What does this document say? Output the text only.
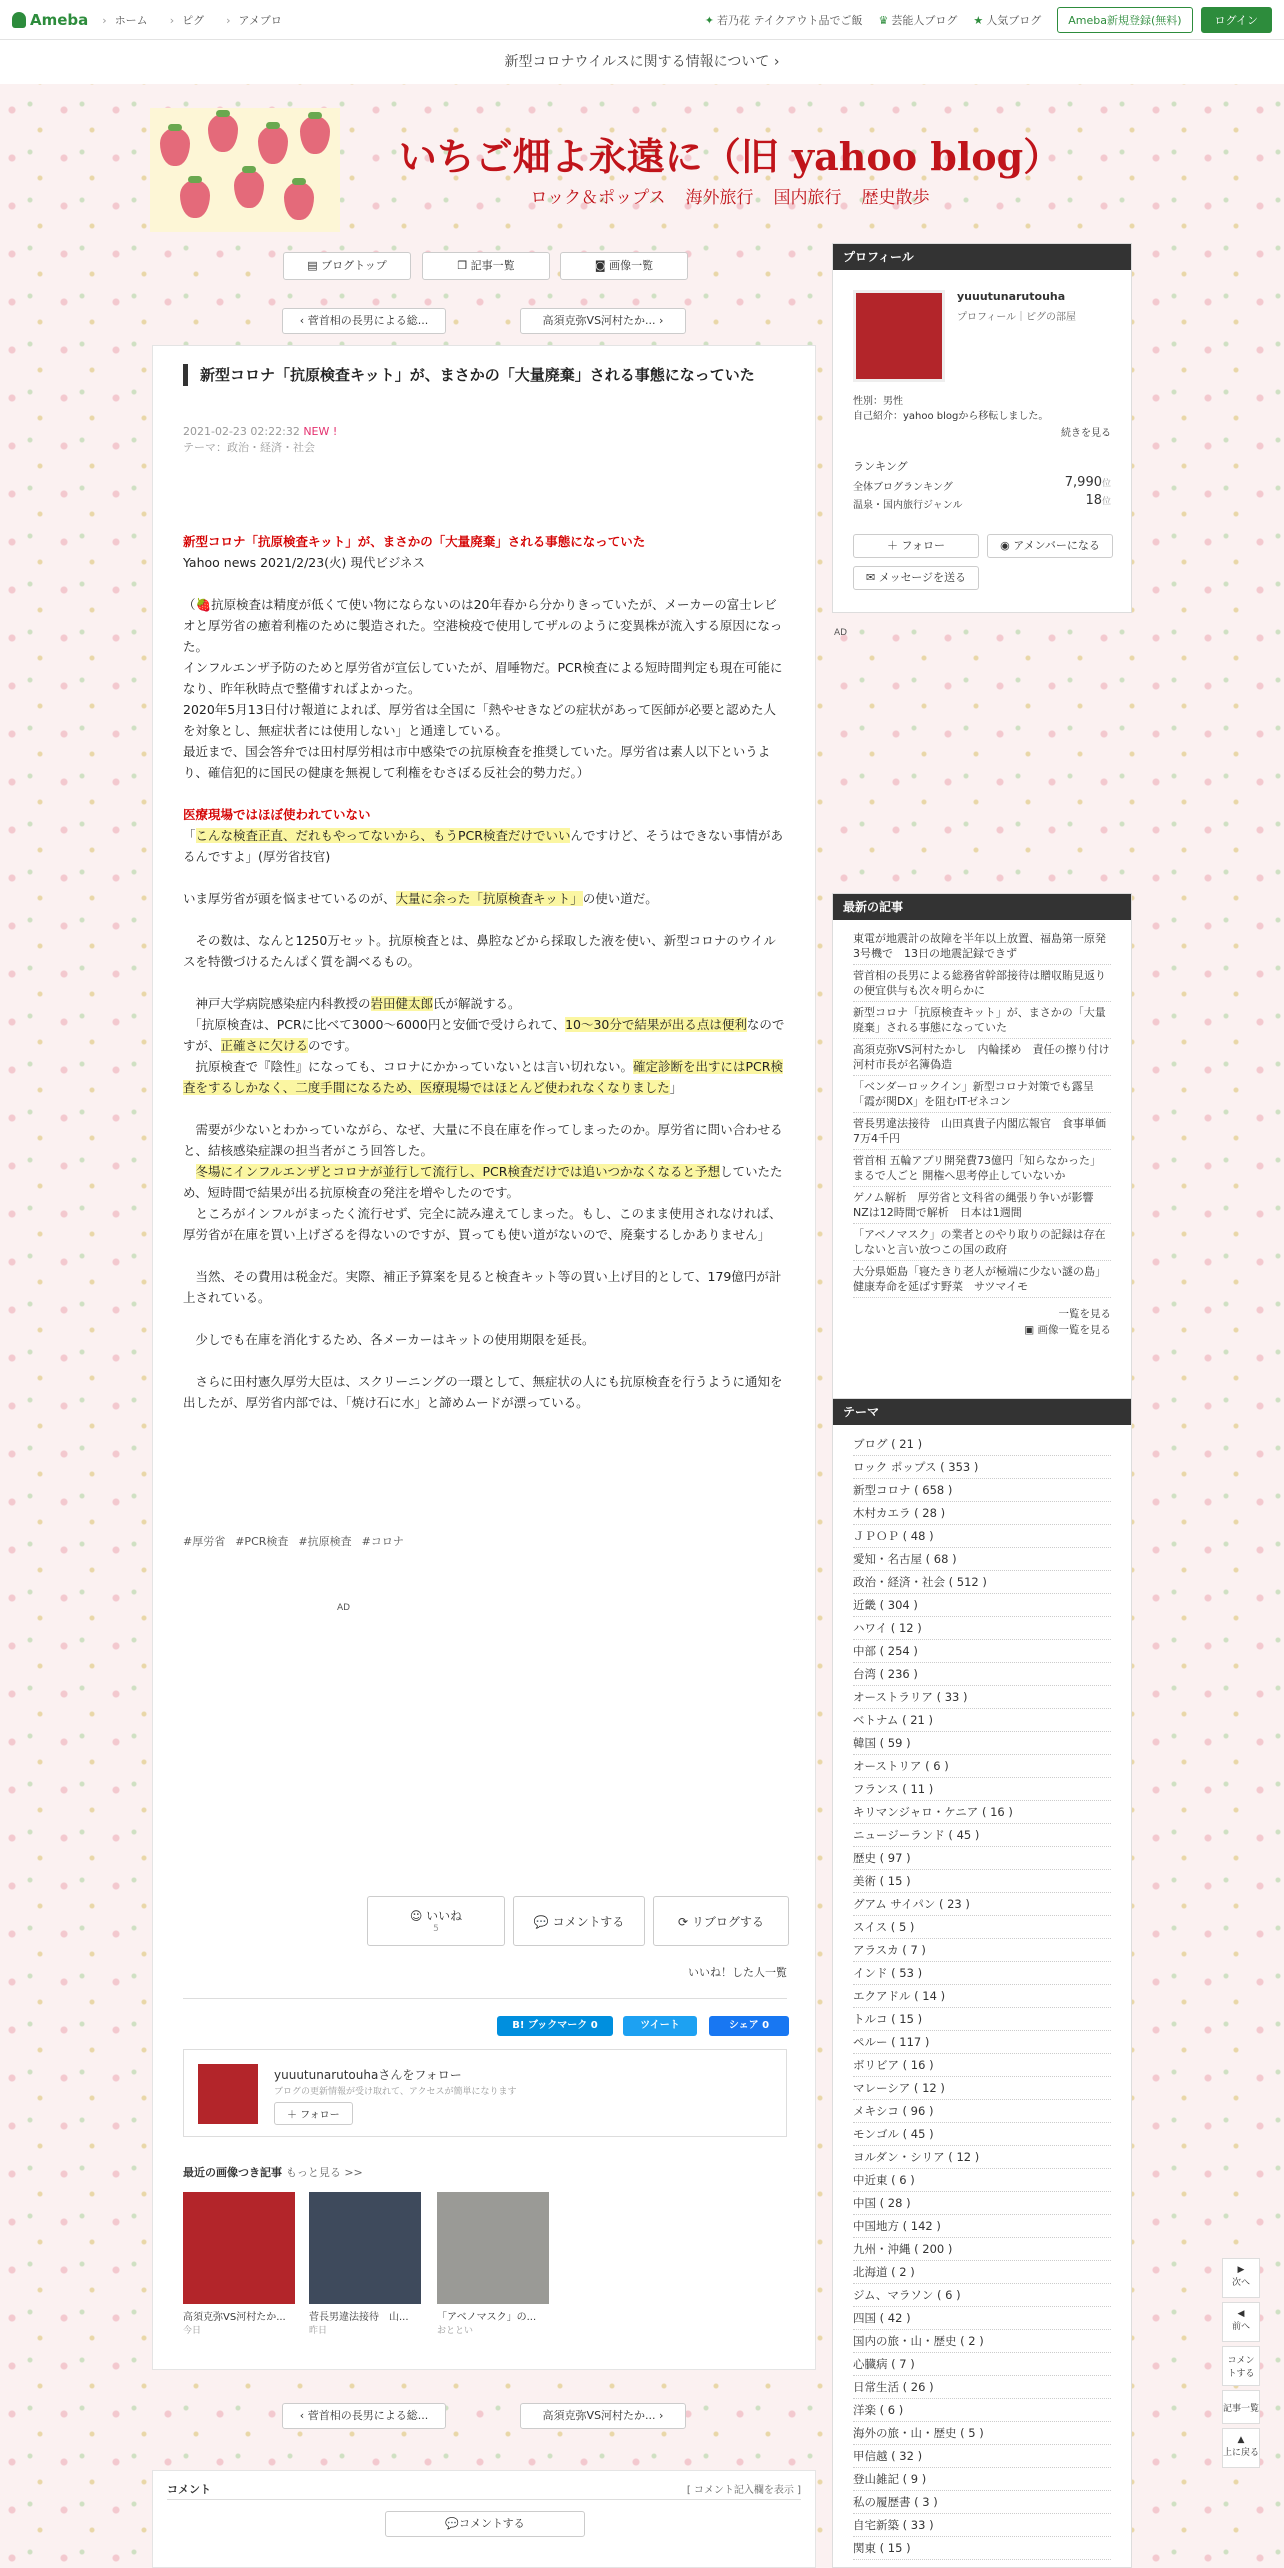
Ameba	› ホーム	› ピグ	› アメブロ	✦ 若乃花 テイクアウト品でご飯 ♛ 芸能人ブログ ★ 人気ブログ	Ameba新規登録(無料)	ログイン
新型コロナウイルスに関する情報について ›
いちご畑よ永遠に（旧 yahoo blog）
ロック＆ポップス 海外旅行 国内旅行 歴史散歩
▤ ブログトップ	❐ 記事一覧	◙ 画像一覧
‹ 菅首相の長男による総...	高須克弥VS河村たか... ›
新型コロナ「抗原検査キット」が、まさかの「大量廃棄」される事態になっていた
2021-02-23 02:22:32 NEW !
テーマ：政治・経済・社会

新型コロナ「抗原検査キット」が、まさかの「大量廃棄」される事態になっていた

Yahoo news 2021/2/23(火) 現代ビジネス

（🍓抗原検査は精度が低くて使い物にならないのは20年春から分かりきっていたが、メーカーの富士レビオと厚労省の癒着利権のために製造された。空港検疫で使用してザルのように変異株が流入する原因になった。

インフルエンザ予防のためと厚労省が宣伝していたが、眉唾物だ。PCR検査による短時間判定も現在可能になり、昨年秋時点で整備すればよかった。

2020年5月13日付け報道によれば、厚労省は全国に「熱やせきなどの症状があって医師が必要と認めた人を対象とし、無症状者には使用しない」と通達している。

最近まで、国会答弁では田村厚労相は市中感染での抗原検査を推奨していた。厚労省は素人以下というより、確信犯的に国民の健康を無視して利権をむさぼる反社会的勢力だ。）

医療現場ではほぼ使われていない

「こんな検査正直、だれもやってないから、もうPCR検査だけでいいんですけど、そうはできない事情があるんですよ」(厚労省技官)

いま厚労省が頭を悩ませているのが、大量に余った「抗原検査キット」の使い道だ。

　その数は、なんと1250万セット。抗原検査とは、鼻腔などから採取した液を使い、新型コロナのウイルスを特徴づけるたんぱく質を調べるもの。

　神戸大学病院感染症内科教授の岩田健太郎氏が解説する。

　「抗原検査は、PCRに比べて3000～6000円と安価で受けられて、10～30分で結果が出る点は便利なのですが、正確さに欠けるのです。

　抗原検査で『陰性』になっても、コロナにかかっていないとは言い切れない。確定診断を出すにはPCR検査をするしかなく、二度手間になるため、医療現場ではほとんど使われなくなりました」

　需要が少ないとわかっていながら、なぜ、大量に不良在庫を作ってしまったのか。厚労省に問い合わせると、結核感染症課の担当者がこう回答した。

　冬場にインフルエンザとコロナが並行して流行し、PCR検査だけでは追いつかなくなると予想していたため、短時間で結果が出る抗原検査の発注を増やしたのです。

　ところがインフルがまったく流行せず、完全に読み違えてしまった。もし、このまま使用されなければ、厚労省が在庫を買い上げざるを得ないのですが、買っても使い道がないので、廃棄するしかありません」

　当然、その費用は税金だ。実際、補正予算案を見ると検査キット等の買い上げ目的として、179億円が計上されている。

　少しでも在庫を消化するため、各メーカーはキットの使用期限を延長。

　さらに田村憲久厚労大臣は、スクリーニングの一環として、無症状の人にも抗原検査を行うように通知を出したが、厚労省内部では、「焼け石に水」と諦めムードが漂っている。

#厚労省 #PCR検査 #抗原検査 #コロナ
AD
☺ いいね
5	💬 コメントする	⟳ リブログする
いいね！した人一覧
B! ブックマーク 0	ツイート	シェア 0
yuuutunarutouhaさんをフォロー
ブログの更新情報が受け取れて、アクセスが簡単になります
＋ フォロー
最近の画像つき記事 もっと見る >>
高須克弥VS河村たか...
今日
菅長男違法接待　山...
昨日
「アベノマスク」の...
おととい
‹ 菅首相の長男による総...	高須克弥VS河村たか... ›
コメント	[ コメント記入欄を表示 ]
💬コメントする
プロフィール
yuuutunarutouha
プロフィール｜ピグの部屋
性別：男性
自己紹介：yahoo blogから移転しました。
続きを見る
ランキング
全体ブログランキング	7,990位
温泉・国内旅行ジャンル	18位
＋ フォロー	◉ アメンバーになる
✉ メッセージを送る
AD
最新の記事
東電が地震計の故障を半年以上放置、福島第一原発3号機で　13日の地震記録できず
菅首相の長男による総務省幹部接待は贈収賄見返りの便宜供与も次々明らかに
新型コロナ「抗原検査キット」が、まさかの「大量廃棄」される事態になっていた
高須克弥VS河村たかし　内輪揉め　責任の擦り付け　河村市長が名簿偽造
「ベンダーロックイン」新型コロナ対策でも露呈「霞が関DX」を阻むITゼネコン
菅長男違法接待　山田真貴子内閣広報官　食事単価7万4千円
菅首相 五輪アプリ開発費73億円「知らなかった」まるで人ごと 開権へ思考停止していないか
ゲノム解析　厚労省と文科省の縄張り争いが影響　NZは12時間で解析　日本は1週間
「アベノマスク」の業者とのやり取りの記録は存在しないと言い放つこの国の政府
大分県姫島「寝たきり老人が極端に少ない謎の島」健康寿命を延ばす野菜　サツマイモ
一覧を見る
▣ 画像一覧を見る
テーマ
ブログ ( 21 )
ロック ポップス ( 353 )
新型コロナ ( 658 )
木村カエラ ( 28 )
ＪＰＯＰ ( 48 )
愛知・名古屋 ( 68 )
政治・経済・社会 ( 512 )
近畿 ( 304 )
ハワイ ( 12 )
中部 ( 254 )
台湾 ( 236 )
オーストラリア ( 33 )
ベトナム ( 21 )
韓国 ( 59 )
オーストリア ( 6 )
フランス ( 11 )
キリマンジャロ・ケニア ( 16 )
ニュージーランド ( 45 )
歴史 ( 97 )
美術 ( 15 )
グアム サイパン ( 23 )
スイス ( 5 )
アラスカ ( 7 )
インド ( 53 )
エクアドル ( 14 )
トルコ ( 15 )
ペルー ( 117 )
ボリビア ( 16 )
マレーシア ( 12 )
メキシコ ( 96 )
モンゴル ( 45 )
ヨルダン・シリア ( 12 )
中近東 ( 6 )
中国 ( 28 )
中国地方 ( 142 )
九州・沖縄 ( 200 )
北海道 ( 2 )
ジム、マラソン ( 6 )
四国 ( 42 )
国内の旅・山・歴史 ( 2 )
心臓病 ( 7 )
日常生活 ( 26 )
洋楽 ( 6 )
海外の旅・山・歴史 ( 5 )
甲信越 ( 32 )
登山雑記 ( 9 )
私の履歴書 ( 3 )
自宅新築 ( 33 )
関東 ( 15 )
▶
次へ
◀
前へ
コメントする
記事一覧
▲
上に戻る
